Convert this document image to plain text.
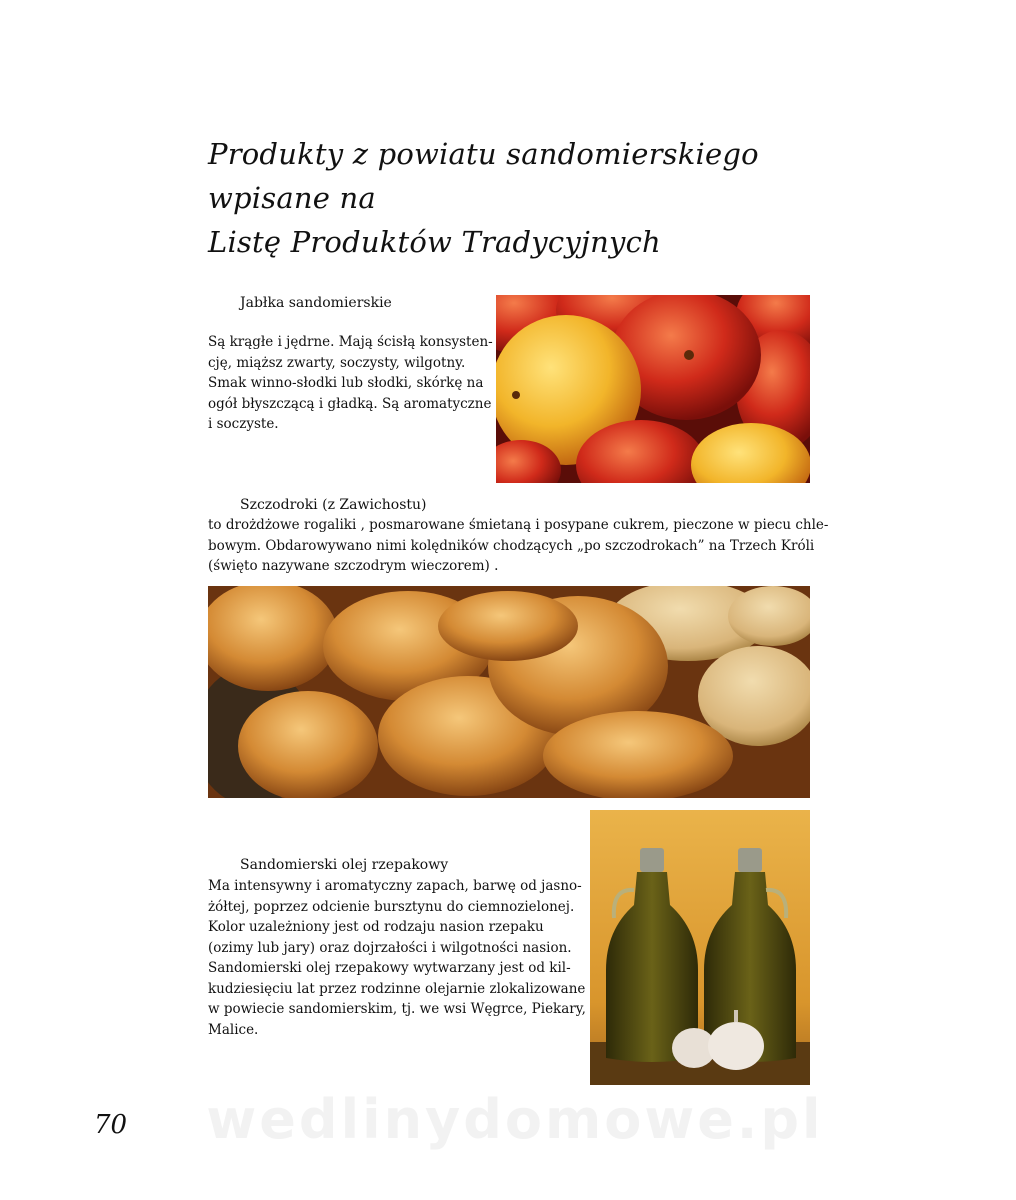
Produkty z powiatu sandomierskiego wpisane na
Listę Produktów Tradycyjnych
Jabłka sandomierskie
Są krągłe i jędrne. Mają ścisłą konsysten-
cję, miąższ zwarty, soczysty, wilgotny.
Smak winno-słodki lub słodki, skórkę na
ogół błyszczącą i gładką. Są aromatyczne
i soczyste.
Szczodroki (z Zawichostu)
to drożdżowe rogaliki , posmarowane śmietaną i posypane cukrem, pieczone w piecu chle-
bowym. Obdarowywano nimi kolędników chodzących „po szczodrokach” na Trzech Króli
(święto nazywane szczodrym wieczorem) .
Sandomierski olej rzepakowy
Ma intensywny i aromatyczny zapach, barwę od jasno-
żółtej, poprzez odcienie bursztynu do ciemnozielonej.
Kolor uzależniony jest od rodzaju nasion rzepaku
(ozimy lub jary) oraz dojrzałości i wilgotności nasion.
Sandomierski olej rzepakowy wytwarzany jest od kil-
kudziesięciu lat przez rodzinne olejarnie zlokalizowane
w powiecie sandomierskim, tj. we wsi Węgrce, Piekary,
Malice.
wedlinydomowe.pl
70
